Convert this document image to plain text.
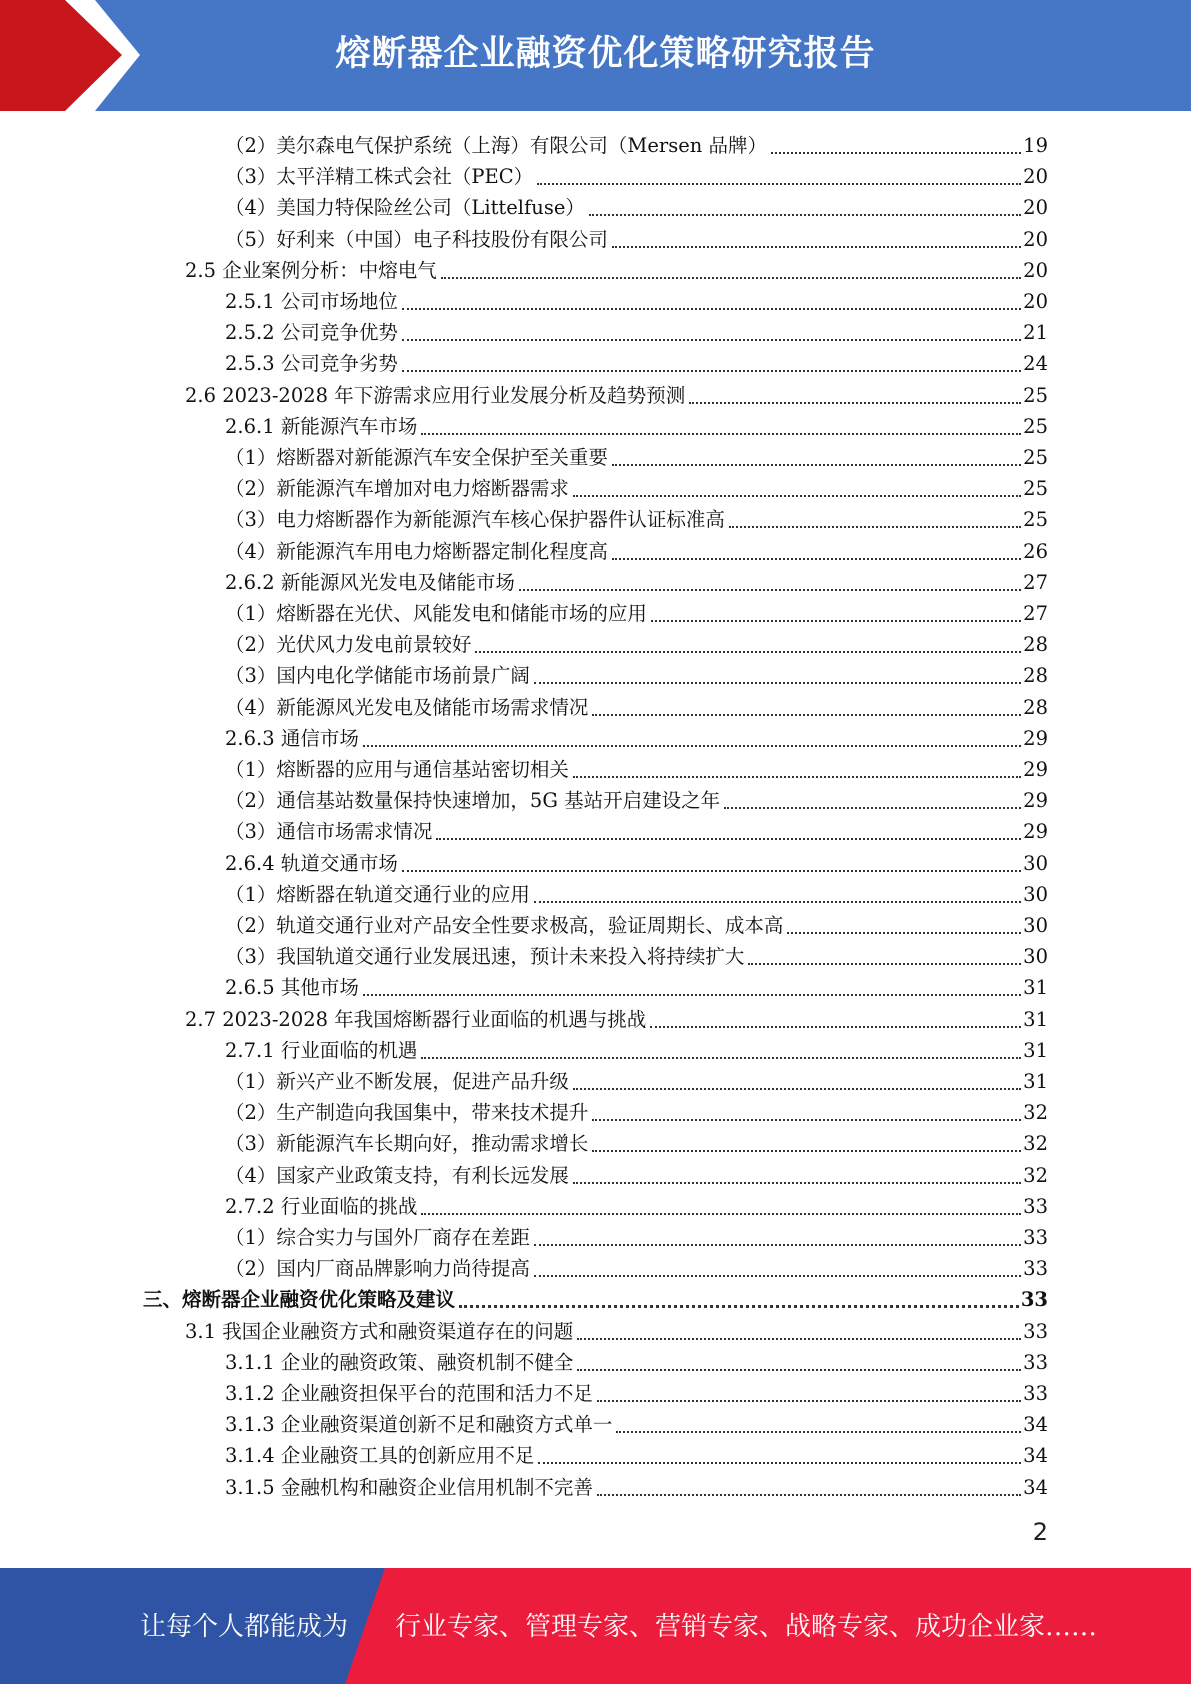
熔断器企业融资优化策略研究报告
（2）美尔森电气保护系统（上海）有限公司（Mersen 品牌）	19
（3）太平洋精工株式会社（PEC）	20
（4）美国力特保险丝公司（Littelfuse）	20
（5）好利来（中国）电子科技股份有限公司	20
2.5 企业案例分析：中熔电气	20
2.5.1 公司市场地位	20
2.5.2 公司竞争优势	21
2.5.3 公司竞争劣势	24
2.6 2023-2028 年下游需求应用行业发展分析及趋势预测	25
2.6.1 新能源汽车市场	25
（1）熔断器对新能源汽车安全保护至关重要	25
（2）新能源汽车增加对电力熔断器需求	25
（3）电力熔断器作为新能源汽车核心保护器件认证标准高	25
（4）新能源汽车用电力熔断器定制化程度高	26
2.6.2 新能源风光发电及储能市场	27
（1）熔断器在光伏、风能发电和储能市场的应用	27
（2）光伏风力发电前景较好	28
（3）国内电化学储能市场前景广阔	28
（4）新能源风光发电及储能市场需求情况	28
2.6.3 通信市场	29
（1）熔断器的应用与通信基站密切相关	29
（2）通信基站数量保持快速增加，5G 基站开启建设之年	29
（3）通信市场需求情况	29
2.6.4 轨道交通市场	30
（1）熔断器在轨道交通行业的应用	30
（2）轨道交通行业对产品安全性要求极高，验证周期长、成本高	30
（3）我国轨道交通行业发展迅速，预计未来投入将持续扩大	30
2.6.5 其他市场	31
2.7 2023-2028 年我国熔断器行业面临的机遇与挑战	31
2.7.1 行业面临的机遇	31
（1）新兴产业不断发展，促进产品升级	31
（2）生产制造向我国集中，带来技术提升	32
（3）新能源汽车长期向好，推动需求增长	32
（4）国家产业政策支持，有利长远发展	32
2.7.2 行业面临的挑战	33
（1）综合实力与国外厂商存在差距	33
（2）国内厂商品牌影响力尚待提高	33
三、熔断器企业融资优化策略及建议	33
3.1 我国企业融资方式和融资渠道存在的问题	33
3.1.1 企业的融资政策、融资机制不健全	33
3.1.2 企业融资担保平台的范围和活力不足	33
3.1.3 企业融资渠道创新不足和融资方式单一	34
3.1.4 企业融资工具的创新应用不足	34
3.1.5 金融机构和融资企业信用机制不完善	34
2
让每个人都能成为 行业专家、管理专家、营销专家、战略专家、成功企业家……
